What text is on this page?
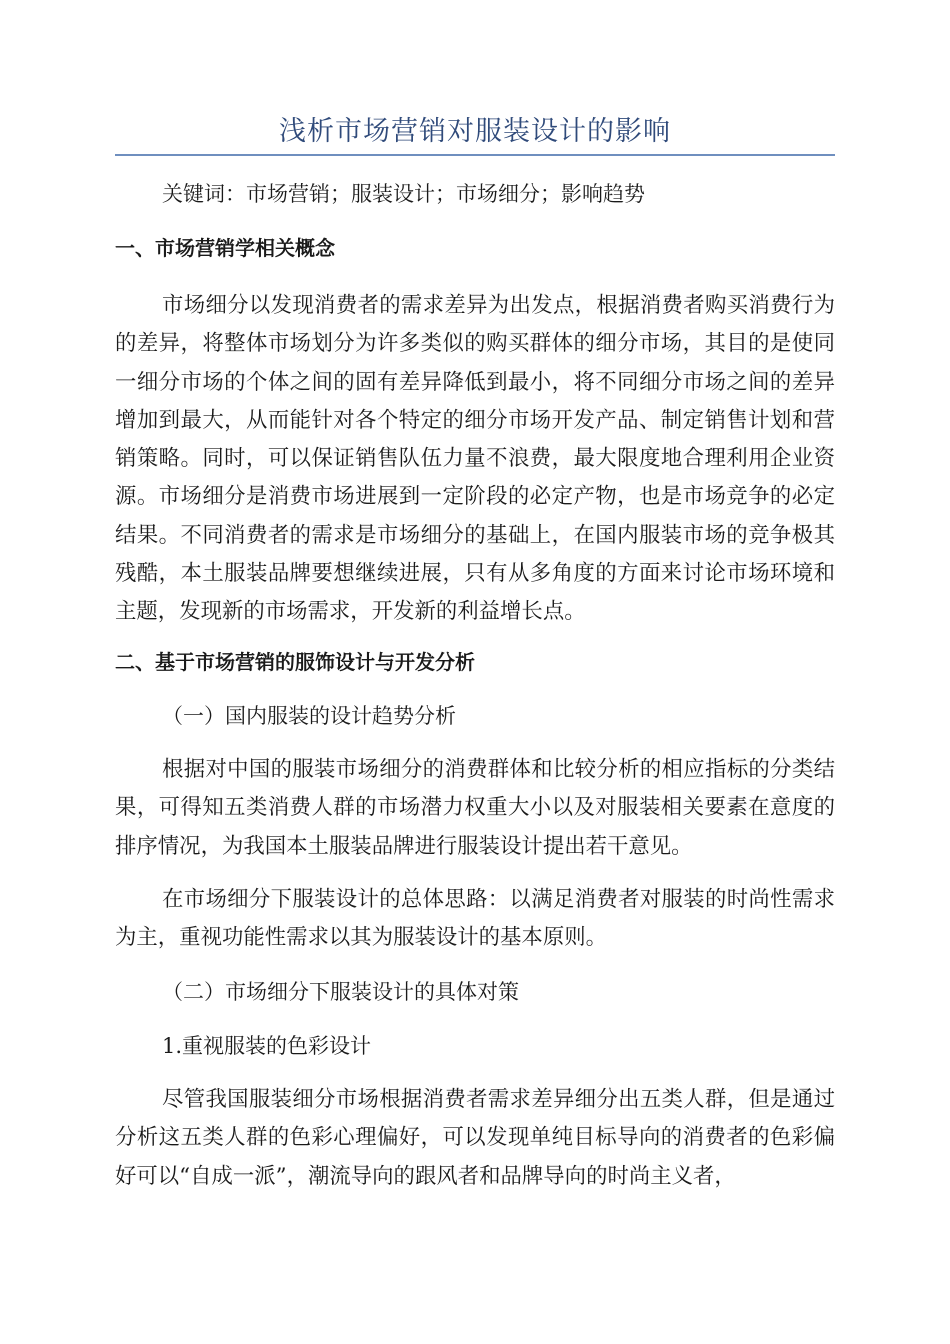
浅析市场营销对服装设计的影响
关键词：市场营销；服装设计；市场细分；影响趋势
一、市场营销学相关概念

市场细分以发现消费者的需求差异为出发点，根据消费者购买消费行为的差异，将整体市场划分为许多类似的购买群体的细分市场，其目的是使同一细分市场的个体之间的固有差异降低到最小，将不同细分市场之间的差异增加到最大，从而能针对各个特定的细分市场开发产品、制定销售计划和营销策略。同时，可以保证销售队伍力量不浪费，最大限度地合理利用企业资源。市场细分是消费市场进展到一定阶段的必定产物，也是市场竞争的必定结果。不同消费者的需求是市场细分的基础上，在国内服装市场的竞争极其残酷，本土服装品牌要想继续进展，只有从多角度的方面来讨论市场环境和主题，发现新的市场需求，开发新的利益增长点。

二、基于市场营销的服饰设计与开发分析
（一）国内服装的设计趋势分析

根据对中国的服装市场细分的消费群体和比较分析的相应指标的分类结果，可得知五类消费人群的市场潜力权重大小以及对服装相关要素在意度的排序情况，为我国本土服装品牌进行服装设计提出若干意见。

在市场细分下服装设计的总体思路：以满足消费者对服装的时尚性需求为主，重视功能性需求以其为服装设计的基本原则。

（二）市场细分下服装设计的具体对策
1.重视服装的色彩设计

尽管我国服装细分市场根据消费者需求差异细分出五类人群，但是通过分析这五类人群的色彩心理偏好，可以发现单纯目标导向的消费者的色彩偏好可以“自成一派”，潮流导向的跟风者和品牌导向的时尚主义者，
